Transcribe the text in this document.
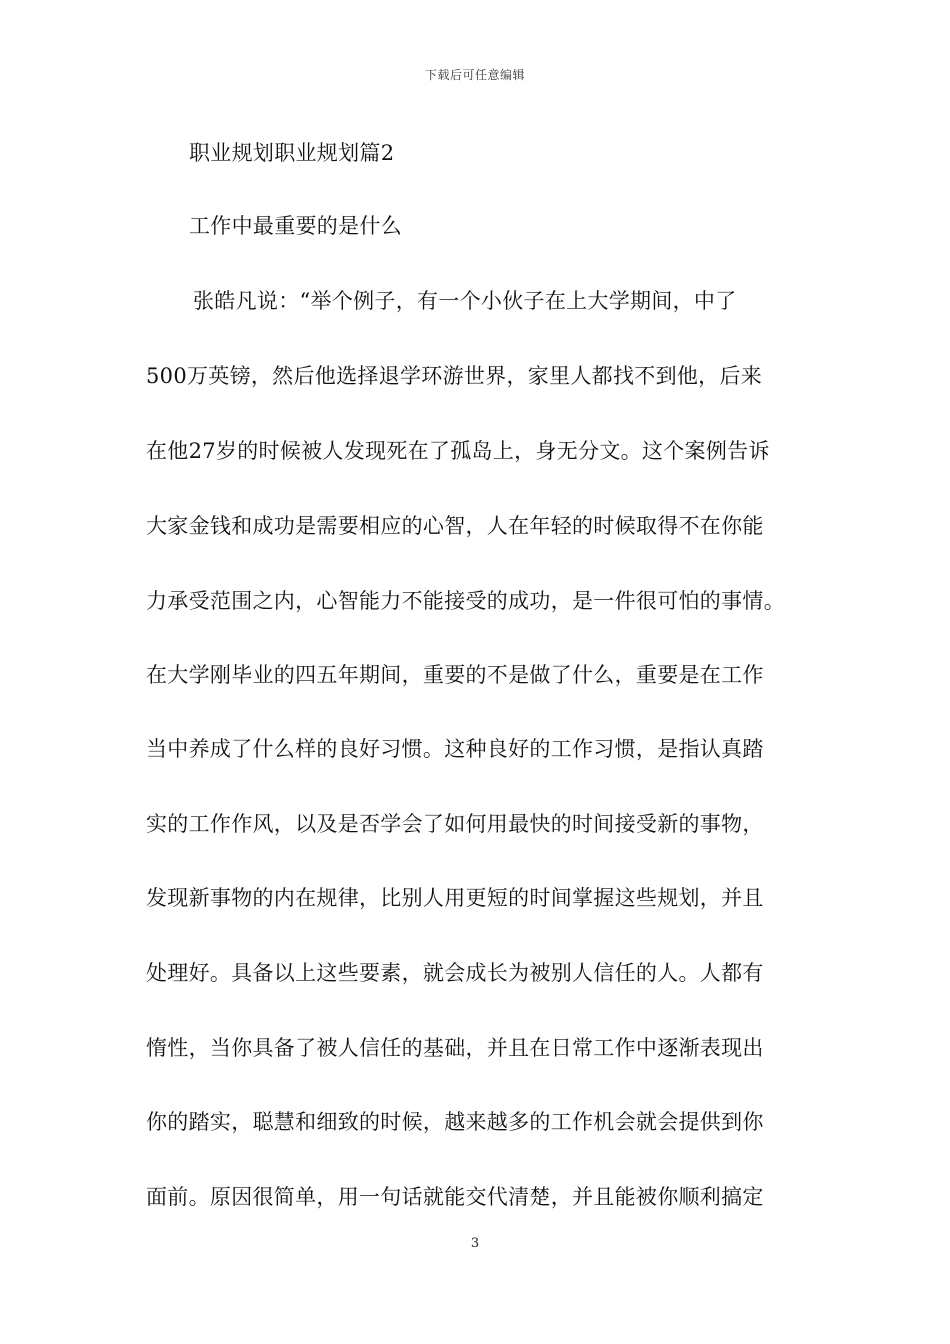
下载后可任意编辑
职业规划职业规划篇2
工作中最重要的是什么
张皓凡说：“举个例子，有一个小伙子在上大学期间，中了
500万英镑，然后他选择退学环游世界，家里人都找不到他，后来
在他27岁的时候被人发现死在了孤岛上，身无分文。这个案例告诉
大家金钱和成功是需要相应的心智，人在年轻的时候取得不在你能
力承受范围之内，心智能力不能接受的成功，是一件很可怕的事情。
在大学刚毕业的四五年期间，重要的不是做了什么，重要是在工作
当中养成了什么样的良好习惯。这种良好的工作习惯，是指认真踏
实的工作作风，以及是否学会了如何用最快的时间接受新的事物，
发现新事物的内在规律，比别人用更短的时间掌握这些规划，并且
处理好。具备以上这些要素，就会成长为被别人信任的人。人都有
惰性，当你具备了被人信任的基础，并且在日常工作中逐渐表现出
你的踏实，聪慧和细致的时候，越来越多的工作机会就会提供到你
面前。原因很简单，用一句话就能交代清楚，并且能被你顺利搞定
3
